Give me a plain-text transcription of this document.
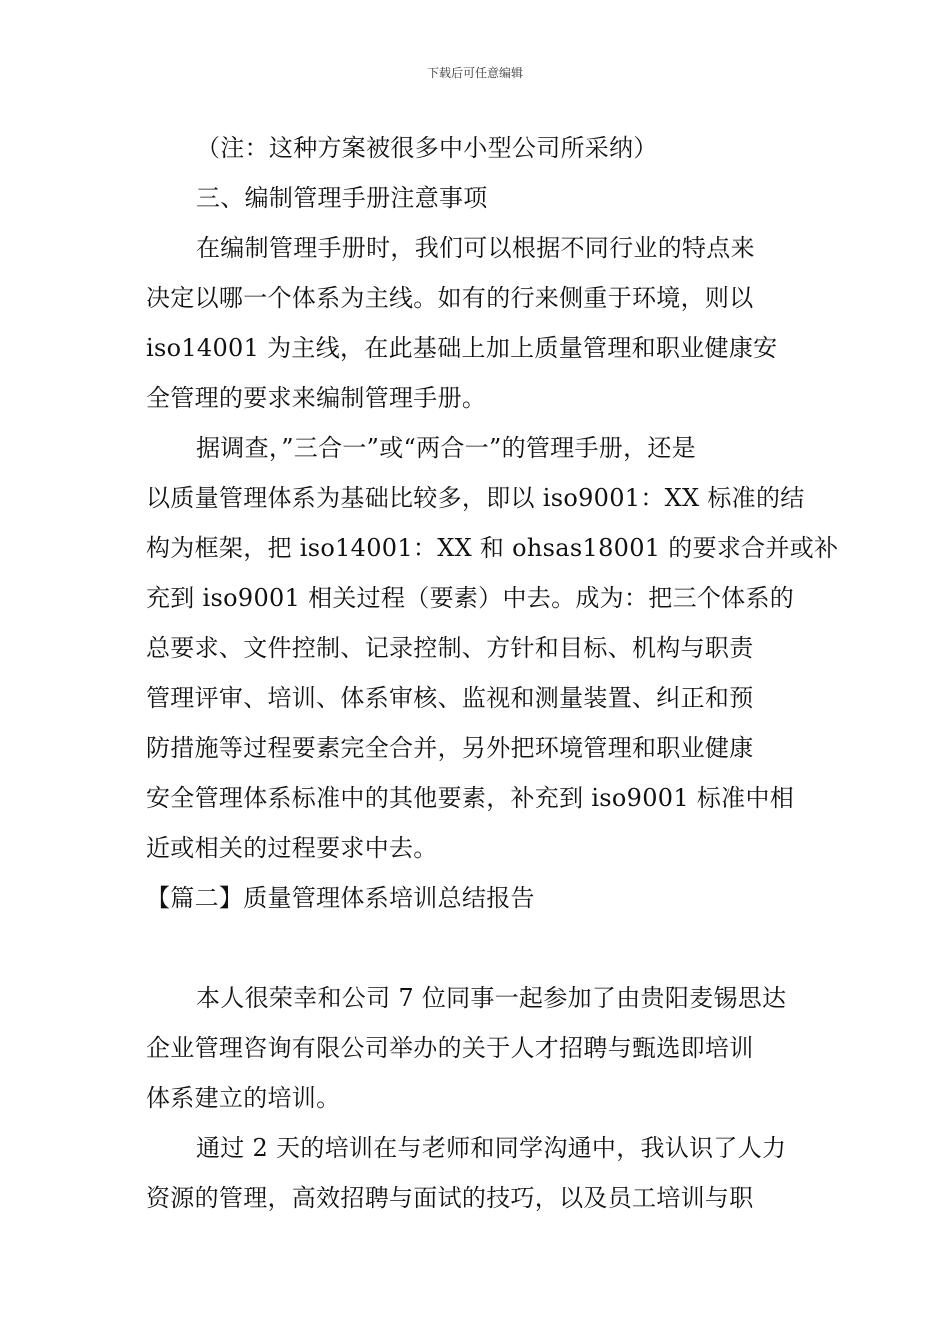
下载后可任意编辑
（注：这种方案被很多中小型公司所采纳）
三、编制管理手册注意事项
在编制管理手册时，我们可以根据不同行业的特点来
决定以哪一个体系为主线。如有的行来侧重于环境，则以
iso14001 为主线，在此基础上加上质量管理和职业健康安
全管理的要求来编制管理手册。
据调查，”三合一”或“两合一”的管理手册，还是
以质量管理体系为基础比较多，即以 iso9001：XX 标准的结
构为框架，把 iso14001：XX 和 ohsas18001 的要求合并或补
充到 iso9001 相关过程（要素）中去。成为：把三个体系的
总要求、文件控制、记录控制、方针和目标、机构与职责
管理评审、培训、体系审核、监视和测量装置、纠正和预
防措施等过程要素完全合并，另外把环境管理和职业健康
安全管理体系标准中的其他要素，补充到 iso9001 标准中相
近或相关的过程要求中去。
【篇二】质量管理体系培训总结报告
本人很荣幸和公司 7 位同事一起参加了由贵阳麦锡思达
企业管理咨询有限公司举办的关于人才招聘与甄选即培训
体系建立的培训。
通过 2 天的培训在与老师和同学沟通中，我认识了人力
资源的管理，高效招聘与面试的技巧，以及员工培训与职
